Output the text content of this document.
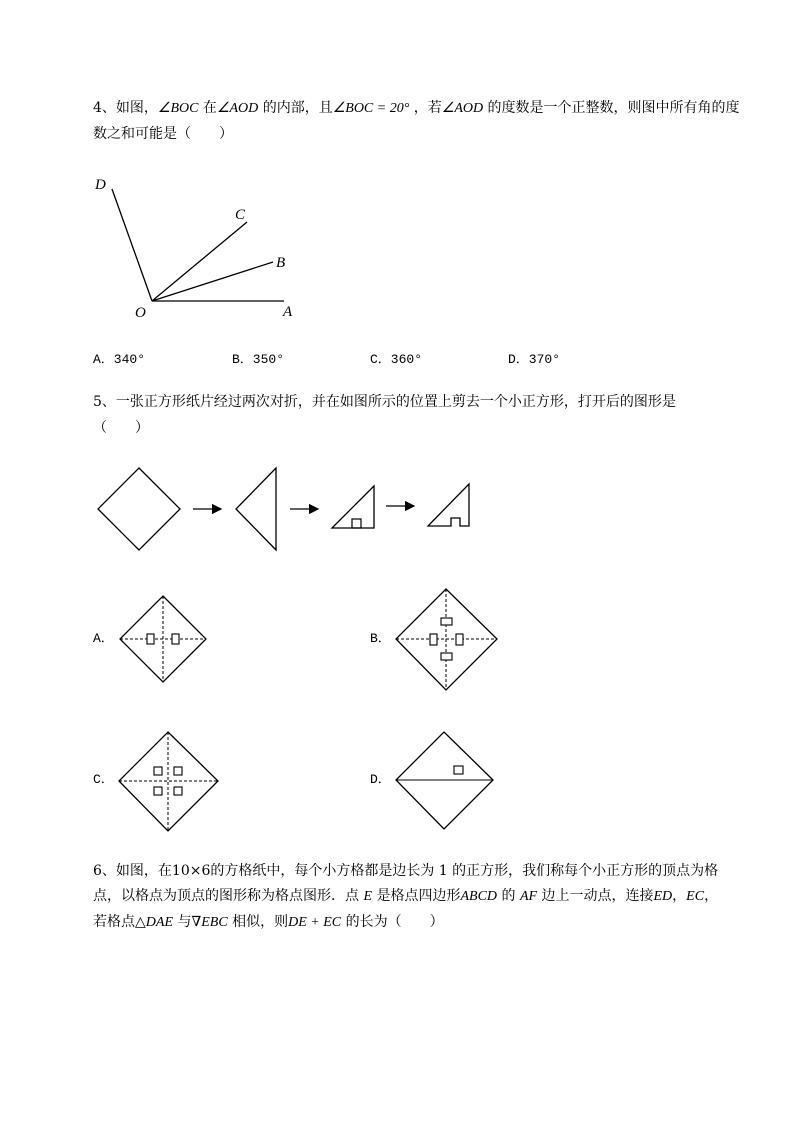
4、如图，∠BOC 在∠AOD 的内部，且∠BOC = 20° ，若∠AOD 的度数是一个正整数，则图中所有角的度
数之和可能是（　　）
D
C
B
O	A
A．340°	B．350°	C．360°	D．370°
5、一张正方形纸片经过两次对折，并在如图所示的位置上剪去一个小正方形，打开后的图形是
（　　）
A．	B．
C．	D．
6、如图，在10×6的方格纸中，每个小方格都是边长为 1 的正方形，我们称每个小正方形的顶点为格
点，以格点为顶点的图形称为格点图形．点 E 是格点四边形ABCD 的 AF 边上一动点，连接ED，EC，
若格点△DAE 与∇EBC 相似，则DE + EC 的长为（　　）
